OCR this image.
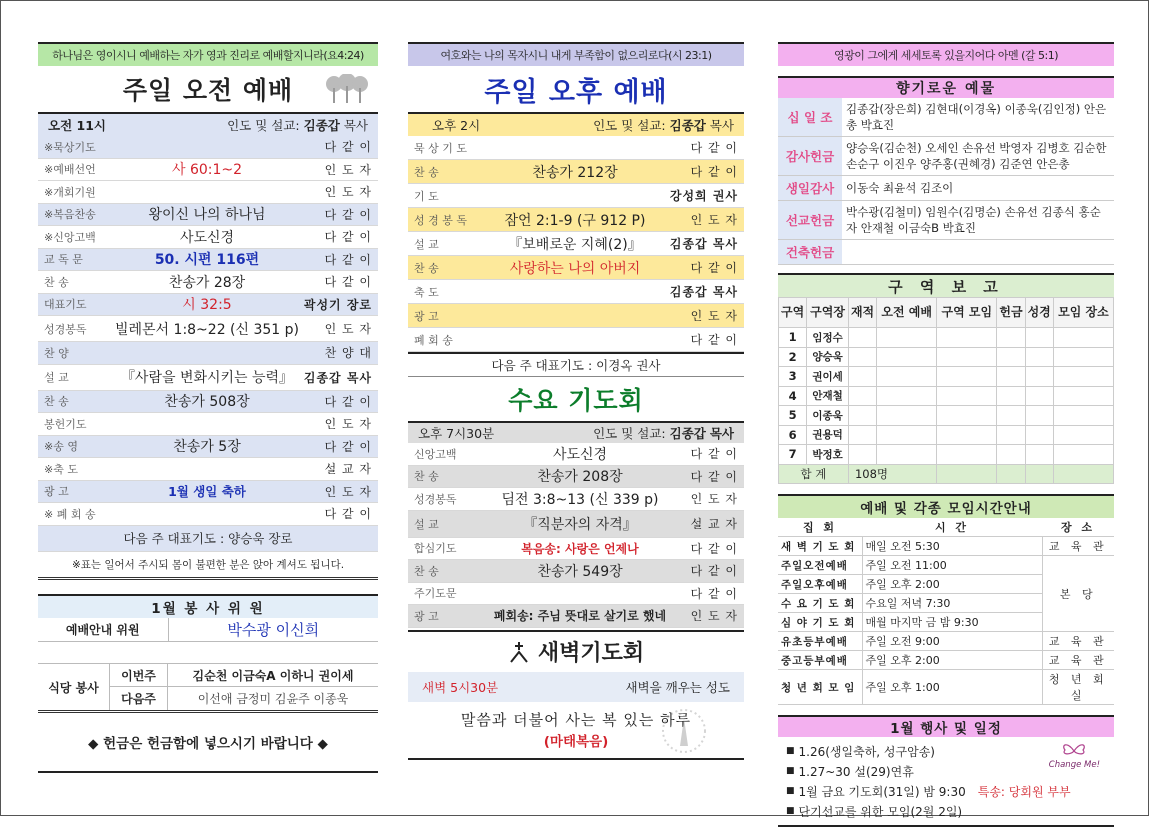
하나님은 영이시니 예배하는 자가 영과 진리로 예배할지니라(요4:24)
주일 오전 예배
오전 11시	인도 및 설교: 김종갑 목사
※묵상기도	다 같 이
※예배선언	사 60:1~2	인 도 자
※개회기원	인 도 자
※복음찬송	왕이신 나의 하나님	다 같 이
※신앙고백	사도신경	다 같 이
교 독 문	50. 시편 116편	다 같 이
찬 송	찬송가 28장	다 같 이
대표기도	시 32:5	곽성기 장로
성경봉독	빌레몬서 1:8~22 (신 351 p)	인 도 자
찬 양	찬 양 대
설 교	『사람을 변화시키는 능력』 김종갑 목사
찬 송	찬송가 508장	다 같 이
봉헌기도	인 도 자
※송 영	찬송가 5장	다 같 이
※축 도	설 교 자
광 고	1월 생일 축하	인 도 자
※ 폐 회 송	다 같 이
다음 주 대표기도 : 양승욱 장로
※표는 일어서 주시되 몸이 불편한 분은 앉아 계셔도 됩니다.
1월 봉 사 위 원
예배안내 위원	박수광 이신희

식당 봉사
이번주	김순천 이금숙A 이하니 권이세
다음주	이선애 금정미 김윤주 이종욱
◆ 헌금은 헌금함에 넣으시기 바랍니다 ◆
여호와는 나의 목자시니 내게 부족함이 없으리로다(시 23:1)
주일 오후 예배
오후 2시	인도 및 설교: 김종갑 목사
묵 상 기 도	다 같 이
찬 송	찬송가 212장	다 같 이
기 도	강성희 권사
성 경 봉 독	잠언 2:1-9 (구 912 P)	인 도 자
설 교	『보배로운 지혜(2)』	김종갑 목사
찬 송	사랑하는 나의 아버지	다 같 이
축 도	김종갑 목사
광 고	인 도 자
폐 회 송	다 같 이
다음 주 대표기도 : 이경옥 권사
수요 기도회
오후 7시30분	인도 및 설교: 김종갑 목사
신앙고백	사도신경	다 같 이
찬 송	찬송가 208장	다 같 이
성경봉독	딤전 3:8~13 (신 339 p)	인 도 자
설 교	『직분자의 자격』	설 교 자
합심기도	복음송: 사랑은 언제나	다 같 이
찬 송	찬송가 549장	다 같 이
주기도문	다 같 이
광 고	폐회송: 주님 뜻대로 살기로 했네	인 도 자
새벽기도회
새벽 5시30분	새벽을 깨우는 성도
말씀과 더불어 사는 복 있는 하루
(마태복음)
영광이 그에게 세세토록 있을지어다 아멘 (갈 5:1)
향기로운 예물
십 일 조	김종갑(장은희) 김현대(이경옥) 이종욱(김인정) 안은총 박효진
감사헌금	양승욱(김순천) 오세인 손유선 박영자 김병호 김순한 손순구 이진우 양주홍(권혜경) 김준연 안은총
생일감사	이동숙 최윤석 김조이
선교헌금	박수광(김철미) 임원수(김명순) 손유선 김종식 홍순자 안재철 이금숙B 박효진
건축헌금	
구 역 보 고
구역	구역장	재적	오전 예배	구역 모임	헌금	성경	모임 장소
1	임정수						
2	양승욱						
3	권이세						
4	안재철						
5	이종욱						
6	권용덕						
7	박정호						
합 계		108명					
예배 및 각종 모임시간안내
집 회	시 간	장 소
새 벽 기 도 회	매일 오전 5:30	교 육 관
주일오전예배	주일 오전 11:00	본 당
주일오후예배	주일 오후 2:00	
수 요 기 도 회	수요일 저녁 7:30	
심 야 기 도 회	매월 마지막 금 밤 9:30	
유초등부예배	주일 오전 9:00	교 육 관
중고등부예배	주일 오후 2:00	교 육 관
청 년 회 모 임	주일 오후 1:00	청 년 회 실
1월 행사 및 일정
■ 1.26(생일축하, 성구암송)
■ 1.27~30 설(29)연휴
■ 1월 금요 기도회(31일) 밤 9:30 특송: 당회원 부부
■ 단기선교를 위한 모임(2월 2일)
Change Me!
